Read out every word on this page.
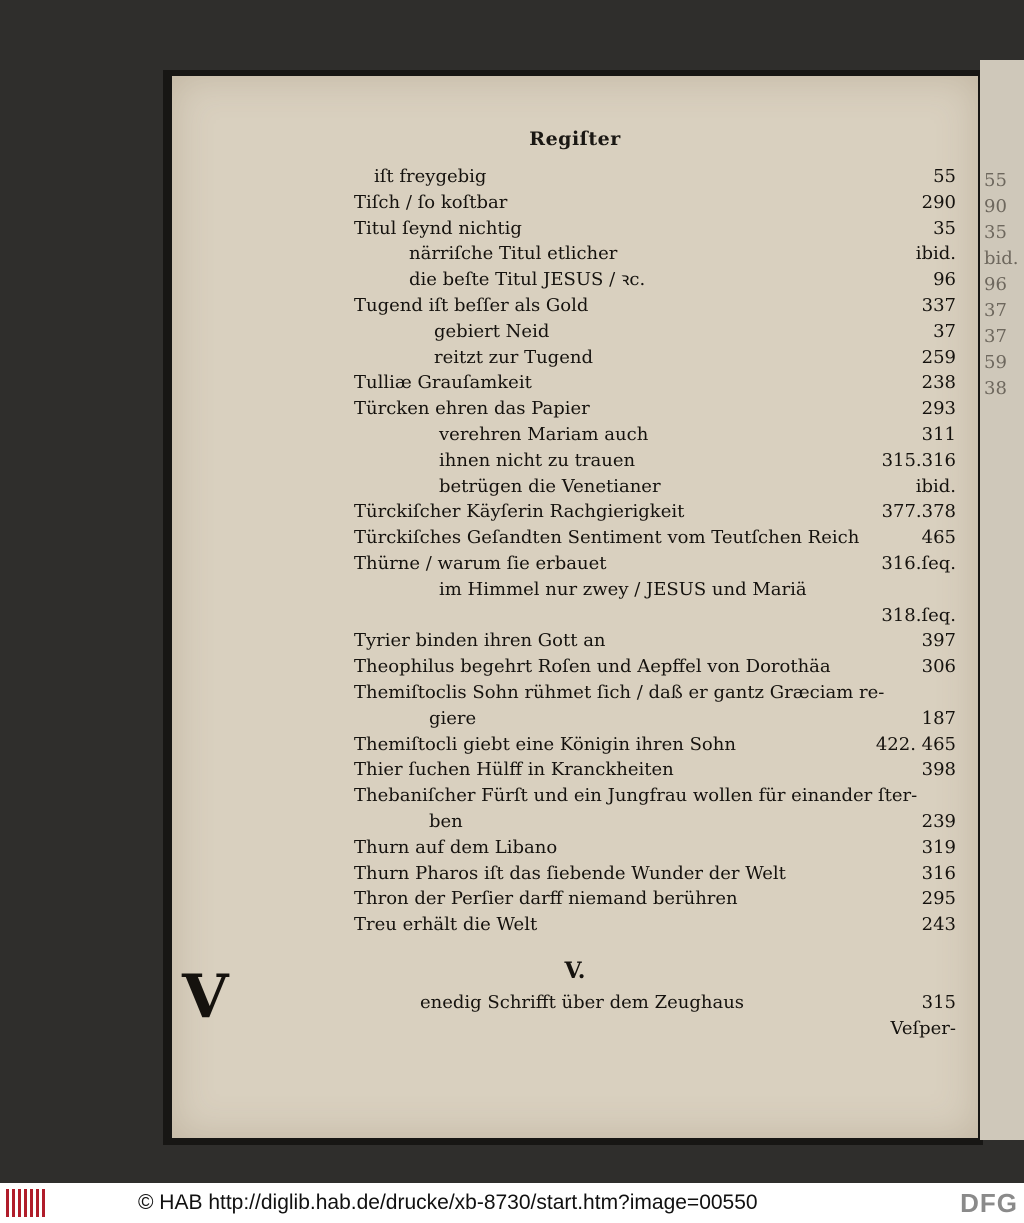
55
90
35
bid.
96
37
37
59
38
Regiſter
iſt freygebig	55
Tiſch / ſo koſtbar	290
Titul ſeynd nichtig	35
närriſche Titul etlicher	ibid.
die beſte Titul JESUS / ꝛc.	96
Tugend iſt beſſer als Gold	337
gebiert Neid	37
reitzt zur Tugend	259
Tulliæ Grauſamkeit	238
Türcken ehren das Papier	293
verehren Mariam auch	311
ihnen nicht zu trauen	315.316
betrügen die Venetianer	ibid.
Türckiſcher Käyſerin Rachgierigkeit	377.378
Türckiſches Geſandten Sentiment vom Teutſchen Reich	465
Thürne / warum ſie erbauet	316.ſeq.
im Himmel nur zwey / JESUS und Mariä
318.ſeq.
Tyrier binden ihren Gott an	397
Theophilus begehrt Roſen und Aepffel von Dorothäa	306
Themiſtoclis Sohn rühmet ſich / daß er gantz Græciam re-
giere	187
Themiſtocli giebt eine Königin ihren Sohn	422. 465
Thier ſuchen Hülff in Kranckheiten	398
Thebaniſcher Fürſt und ein Jungfrau wollen für einander ſter-
ben	239
Thurn auf dem Libano	319
Thurn Pharos iſt das ſiebende Wunder der Welt	316
Thron der Perſier darff niemand berühren	295
Treu erhält die Welt	243
V	V.
enedig Schrifft über dem Zeughaus	315
Veſper-
© HAB http://diglib.hab.de/drucke/xb-8730/start.htm?image=00550	DFG
